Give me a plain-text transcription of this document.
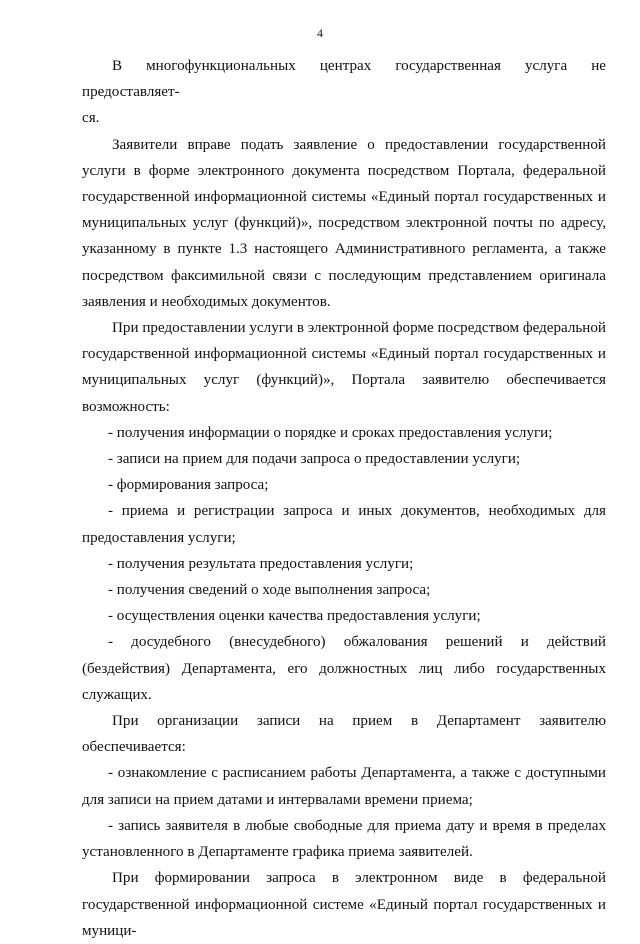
4

В многофункциональных центрах государственная услуга не предоставляет-

ся.

Заявители вправе подать заявление о предоставлении государственной услуги в форме электронного документа посредством Портала, федеральной государственной информационной системы «Единый портал государственных и муниципальных услуг (функций)», посредством электронной почты по адресу, указанному в пункте 1.3 настоящего Административного регламента, а также посредством факсимильной связи с последующим представлением оригинала заявления и необходимых документов.

При предоставлении услуги в электронной форме посредством федеральной государственной информационной системы «Единый портал государственных и муниципальных услуг (функций)», Портала заявителю обеспечивается возможность:

- получения информации о порядке и сроках предоставления услуги;

- записи на прием для подачи запроса о предоставлении услуги;

- формирования запроса;

- приема и регистрации запроса и иных документов, необходимых для предоставления услуги;

- получения результата предоставления услуги;

- получения сведений о ходе выполнения запроса;

- осуществления оценки качества предоставления услуги;

- досудебного (внесудебного) обжалования решений и действий (бездействия) Департамента, его должностных лиц либо государственных служащих.

При организации записи на прием в Департамент заявителю обеспечивается:

- ознакомление с расписанием работы Департамента, а также с доступными для записи на прием датами и интервалами времени приема;

- запись заявителя в любые свободные для приема дату и время в пределах установленного в Департаменте графика приема заявителей.

При формировании запроса в электронном виде в федеральной государственной информационной системе «Единый портал государственных и муници-
